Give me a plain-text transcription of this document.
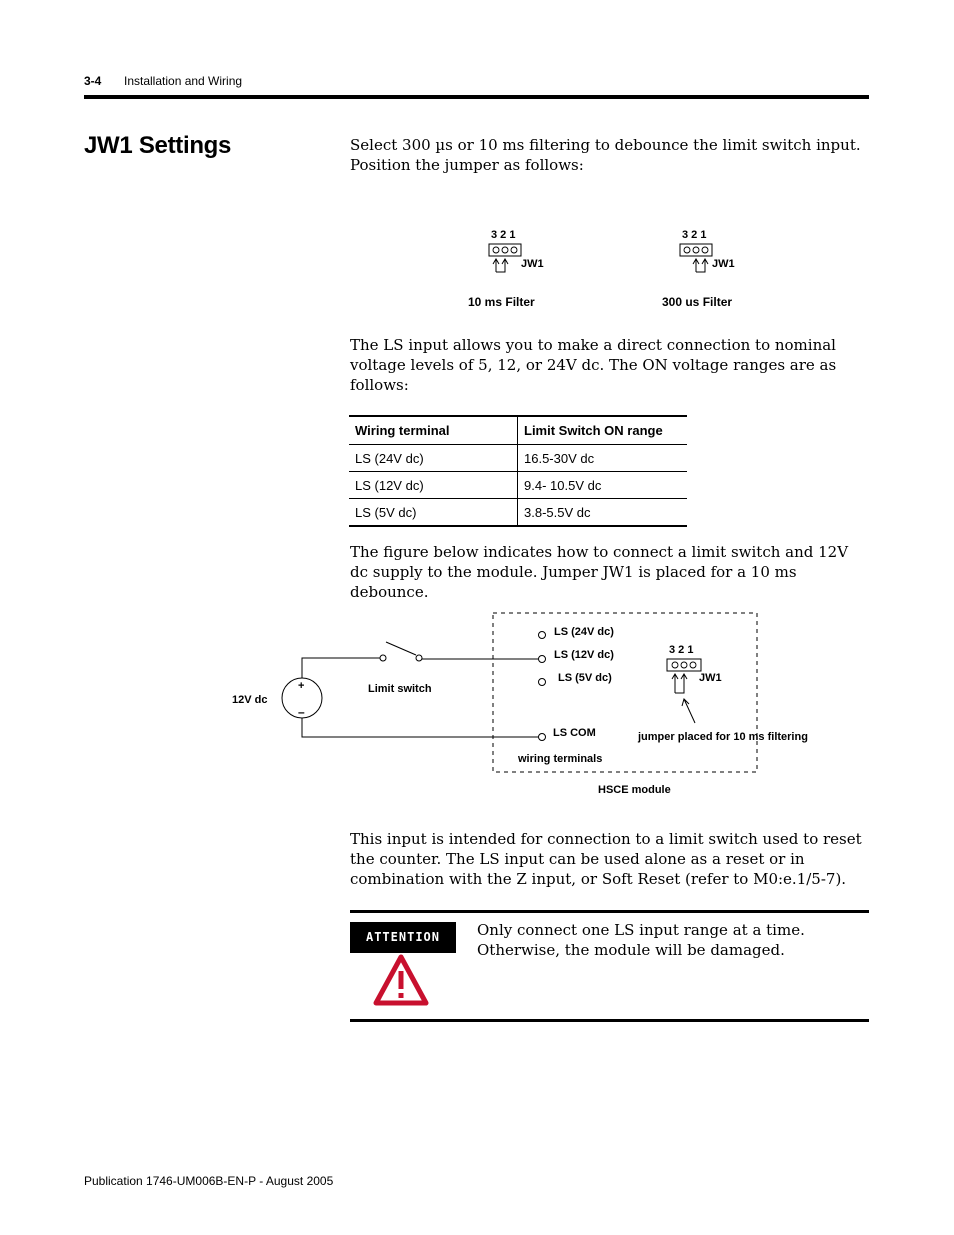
3-4 Installation and Wiring
JW1 Settings	Select 300 µs or 10 ms filtering to debounce the limit switch input. Position the jumper as follows:

3 2 1
JW1
10 ms Filter
3 2 1
JW1
300 us Filter

The LS input allows you to make a direct connection to nominal voltage levels of 5, 12, or 24V dc. The ON voltage ranges are as follows:

Wiring terminal	Limit Switch ON range
LS (24V dc)	16.5-30V dc
LS (12V dc)	9.4- 10.5V dc
LS (5V dc)	3.8-5.5V dc

The figure below indicates how to connect a limit switch and 12V dc supply to the module. Jumper JW1 is placed for a 10 ms debounce.

+
–
12V dc
Limit switch
LS (24V dc)
LS (12V dc)
LS (5V dc)
LS COM
wiring terminals
3 2 1
JW1
jumper placed for 10 ms filtering
HSCE module

This input is intended for connection to a limit switch used to reset the counter. The LS input can be used alone as a reset or in combination with the Z input, or Soft Reset (refer to M0:e.1/5-7).

ATTENTION	Only connect one LS input range at a time. Otherwise, the module will be damaged.
Publication 1746-UM006B-EN-P - August 2005
